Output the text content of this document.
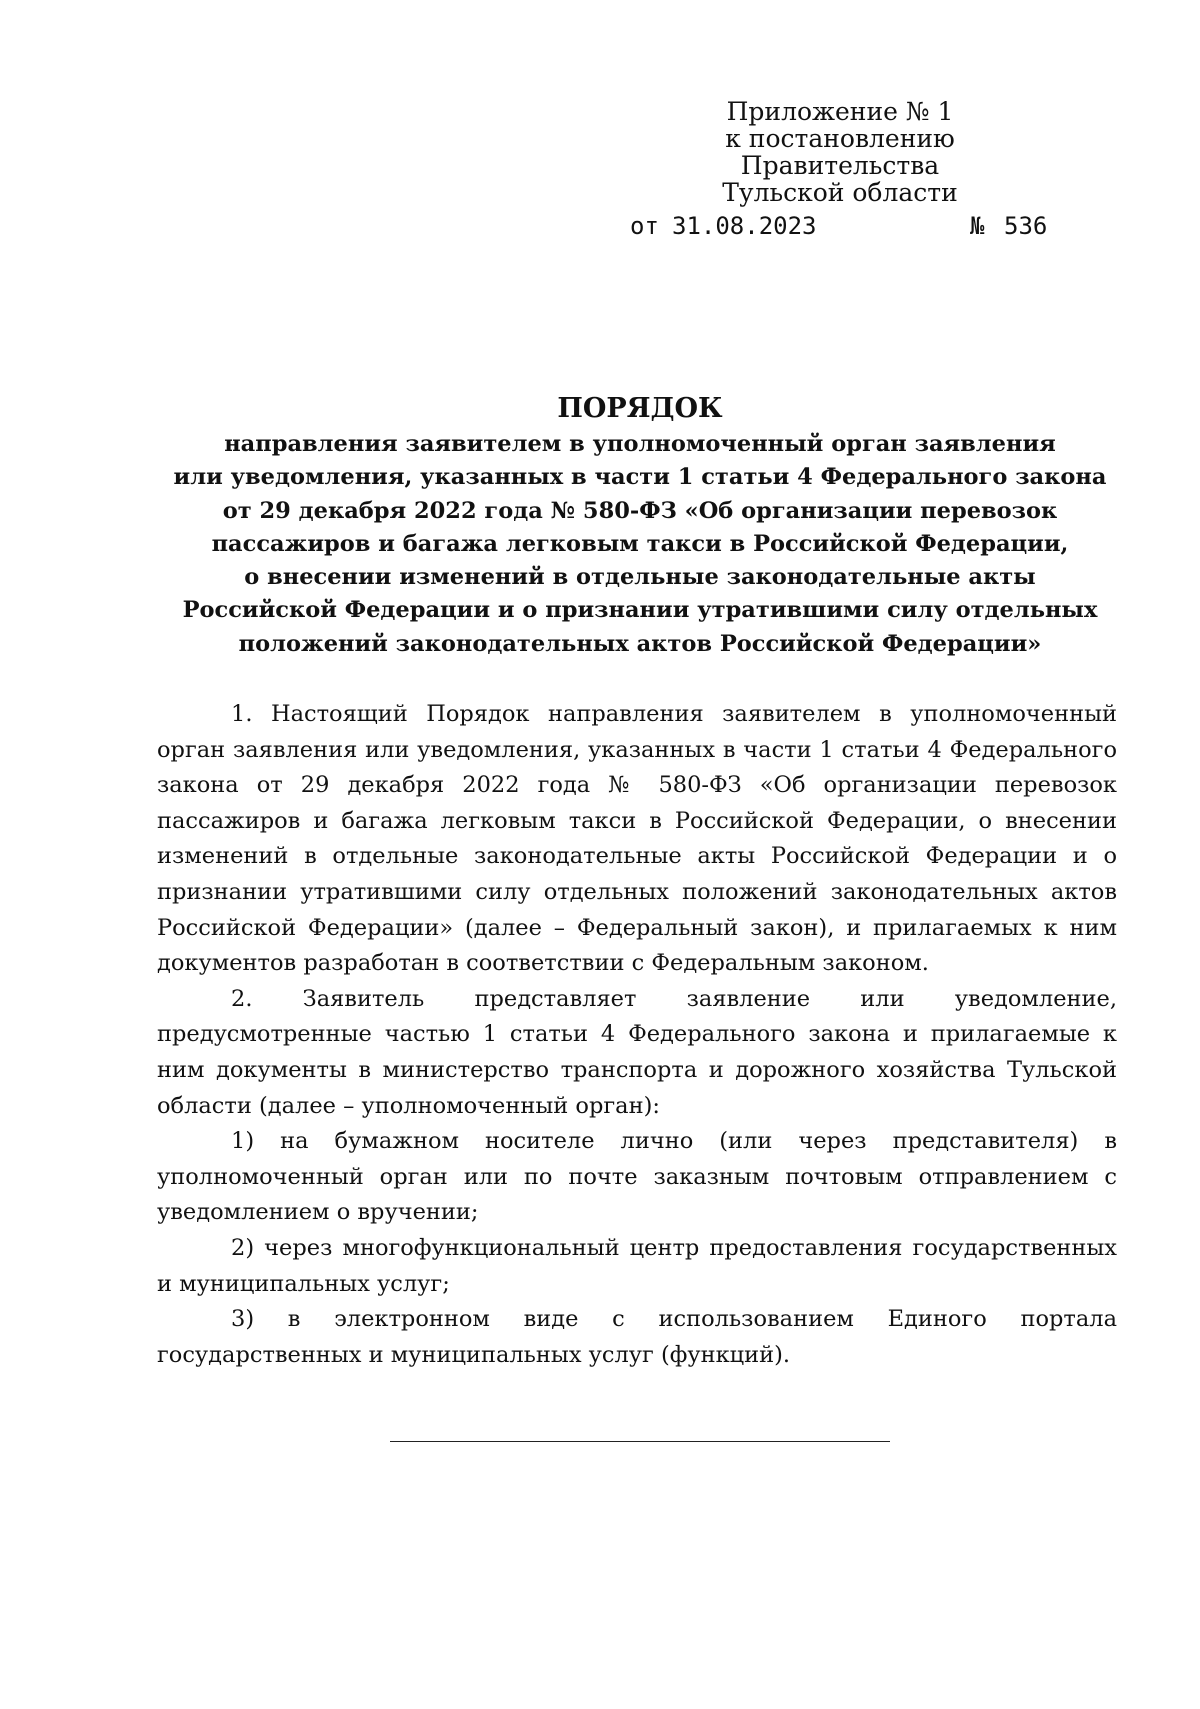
Приложение № 1
к постановлению Правительства
Тульской области
от 31.08.2023	№ 536
ПОРЯДОК
направления заявителем в уполномоченный орган заявления
или уведомления, указанных в части 1 статьи 4 Федерального закона
от 29 декабря 2022 года № 580-ФЗ «Об организации перевозок
пассажиров и багажа легковым такси в Российской Федерации,
о внесении изменений в отдельные законодательные акты
Российской Федерации и о признании утратившими силу отдельных
положений законодательных актов Российской Федерации»

1. Настоящий Порядок направления заявителем в уполномоченный орган заявления или уведомления, указанных в части 1 статьи 4 Федерального закона от 29 декабря 2022 года № 580-ФЗ «Об организации перевозок пассажиров и багажа легковым такси в Российской Федерации, о внесении изменений в отдельные законодательные акты Российской Федерации и о признании утратившими силу отдельных положений законодательных актов Российской Федерации» (далее – Федеральный закон), и прилагаемых к ним документов разработан в соответствии с Федеральным законом.

2. Заявитель представляет заявление или уведомление, предусмотренные частью 1 статьи 4 Федерального закона и прилагаемые к ним документы в министерство транспорта и дорожного хозяйства Тульской области (далее – уполномоченный орган):

1) на бумажном носителе лично (или через представителя) в уполномоченный орган или по почте заказным почтовым отправлением с уведомлением о вручении;

2) через многофункциональный центр предоставления государственных и муниципальных услуг;

3) в электронном виде с использованием Единого портала государственных и муниципальных услуг (функций).
